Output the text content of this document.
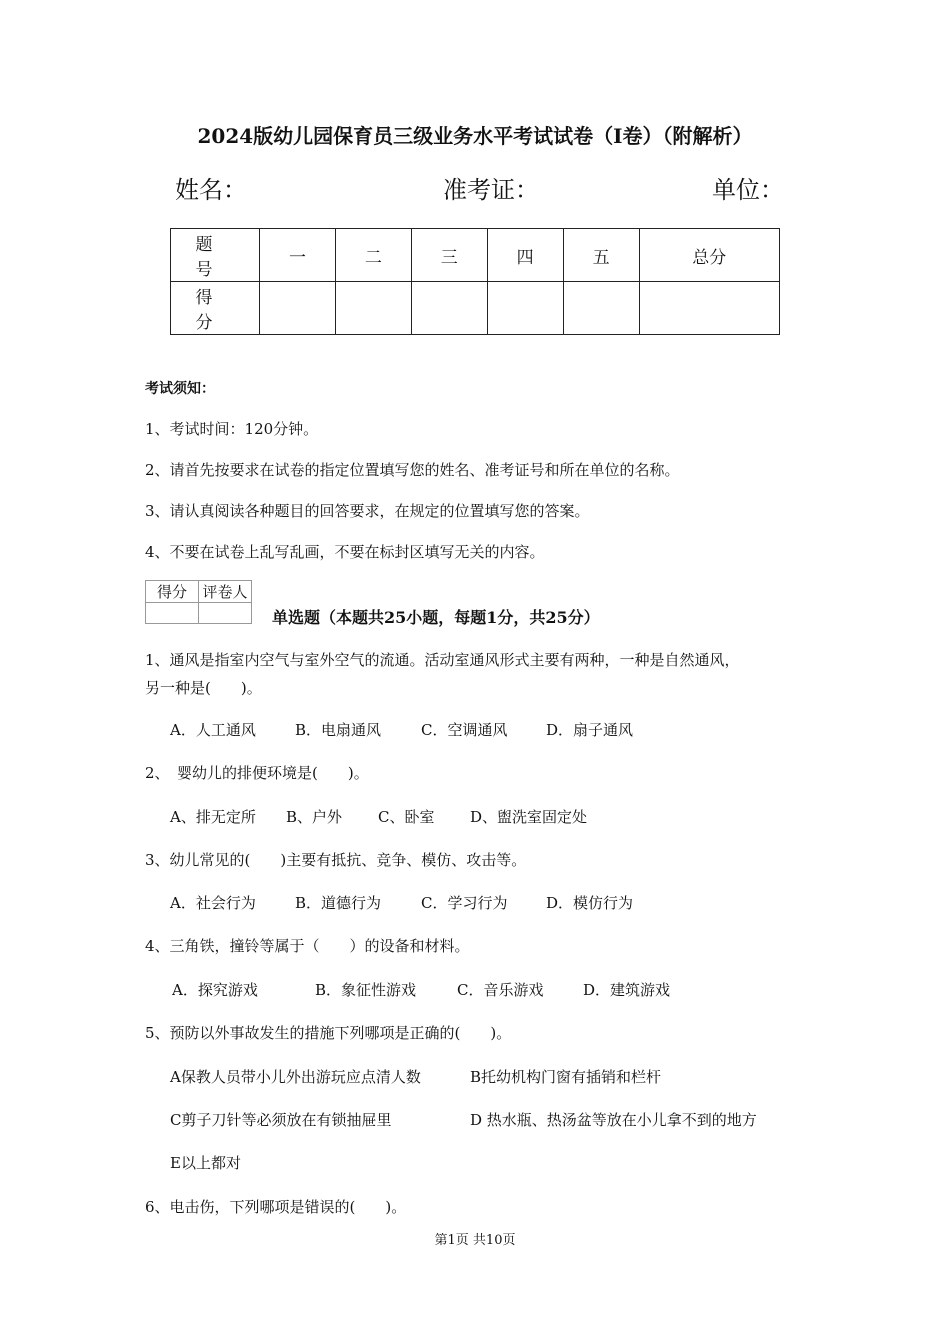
2024版幼儿园保育员三级业务水平考试试卷（I卷）（附解析）
姓名：	准考证：	单位：
题 号	一	二	三	四	五	总分
得 分						
考试须知：
1、考试时间：120分钟。
2、请首先按要求在试卷的指定位置填写您的姓名、准考证号和所在单位的名称。
3、请认真阅读各种题目的回答要求，在规定的位置填写您的答案。
4、不要在试卷上乱写乱画，不要在标封区填写无关的内容。
得分	评卷人

单选题（本题共25小题，每题1分，共25分）
1、通风是指室内空气与室外空气的流通。活动室通风形式主要有两种，一种是自然通风，
另一种是(　　)。
A．人工通风	B．电扇通风	C．空调通风	D．扇子通风
2、　婴幼儿的排便环境是(　　)。
A、排无定所 B、户外 C、卧室 D、盥洗室固定处
3、幼儿常见的(　　)主要有抵抗、竞争、模仿、攻击等。
A．社会行为	B．道德行为	C．学习行为	D．模仿行为
4、三角铁，撞铃等属于（　　）的设备和材料。
A．探究游戏	B．象征性游戏	C．音乐游戏	D．建筑游戏
5、预防以外事故发生的措施下列哪项是正确的(　　)。
A保教人员带小儿外出游玩应点清人数	B托幼机构门窗有插销和栏杆
C剪子刀针等必须放在有锁抽屉里	D 热水瓶、热汤盆等放在小儿拿不到的地方
E以上都对
6、电击伤，下列哪项是错误的(　　)。
第1页 共10页
